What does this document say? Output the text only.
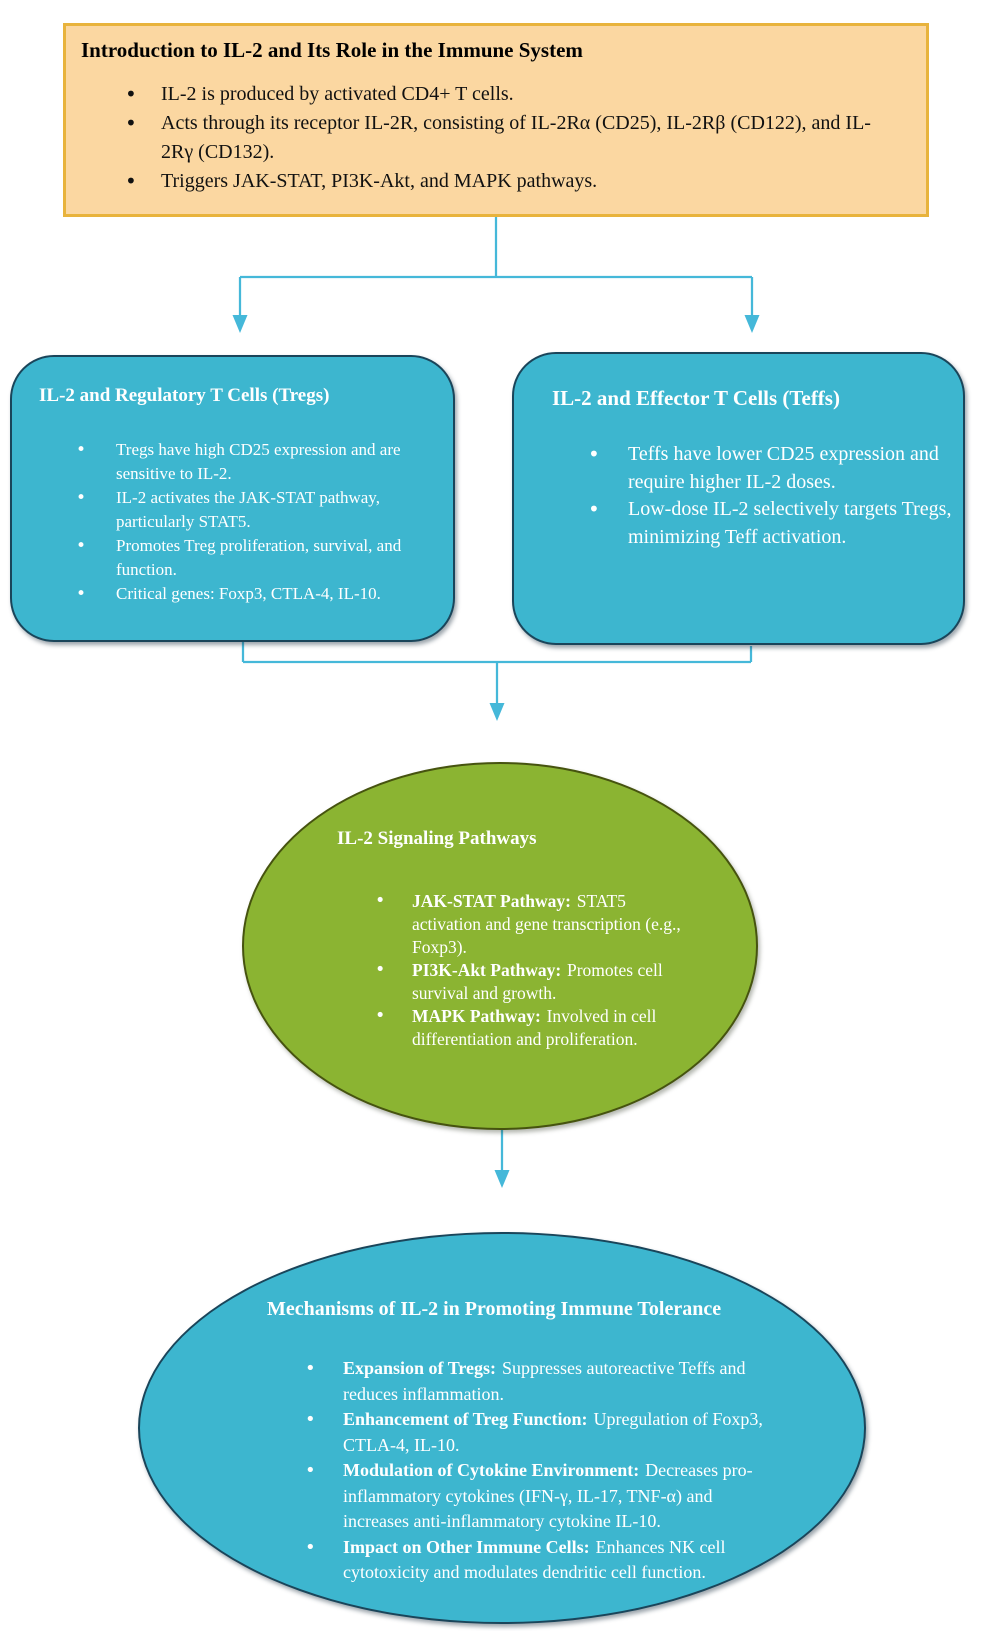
Introduction to IL-2 and Its Role in the Immune System
• IL-2 is produced by activated CD4+ T cells.
• Acts through its receptor IL-2R, consisting of IL-2Rα (CD25), IL-2Rβ (CD122), and IL-2Rγ (CD132).
• Triggers JAK-STAT, PI3K-Akt, and MAPK pathways.
IL-2 and Regulatory T Cells (Tregs)
• Tregs have high CD25 expression and are sensitive to IL-2.
• IL-2 activates the JAK-STAT pathway, particularly STAT5.
• Promotes Treg proliferation, survival, and function.
• Critical genes: Foxp3, CTLA-4, IL-10.
IL-2 and Effector T Cells (Teffs)
• Teffs have lower CD25 expression and require higher IL-2 doses.
• Low-dose IL-2 selectively targets Tregs, minimizing Teff activation.
IL-2 Signaling Pathways
• JAK-STAT Pathway: STAT5 activation and gene transcription (e.g., Foxp3).
• PI3K-Akt Pathway: Promotes cell survival and growth.
• MAPK Pathway: Involved in cell differentiation and proliferation.
Mechanisms of IL-2 in Promoting Immune Tolerance
• Expansion of Tregs: Suppresses autoreactive Teffs and reduces inflammation.
• Enhancement of Treg Function: Upregulation of Foxp3, CTLA-4, IL-10.
• Modulation of Cytokine Environment: Decreases pro-inflammatory cytokines (IFN-γ, IL-17, TNF-α) and increases anti-inflammatory cytokine IL-10.
• Impact on Other Immune Cells: Enhances NK cell cytotoxicity and modulates dendritic cell function.
